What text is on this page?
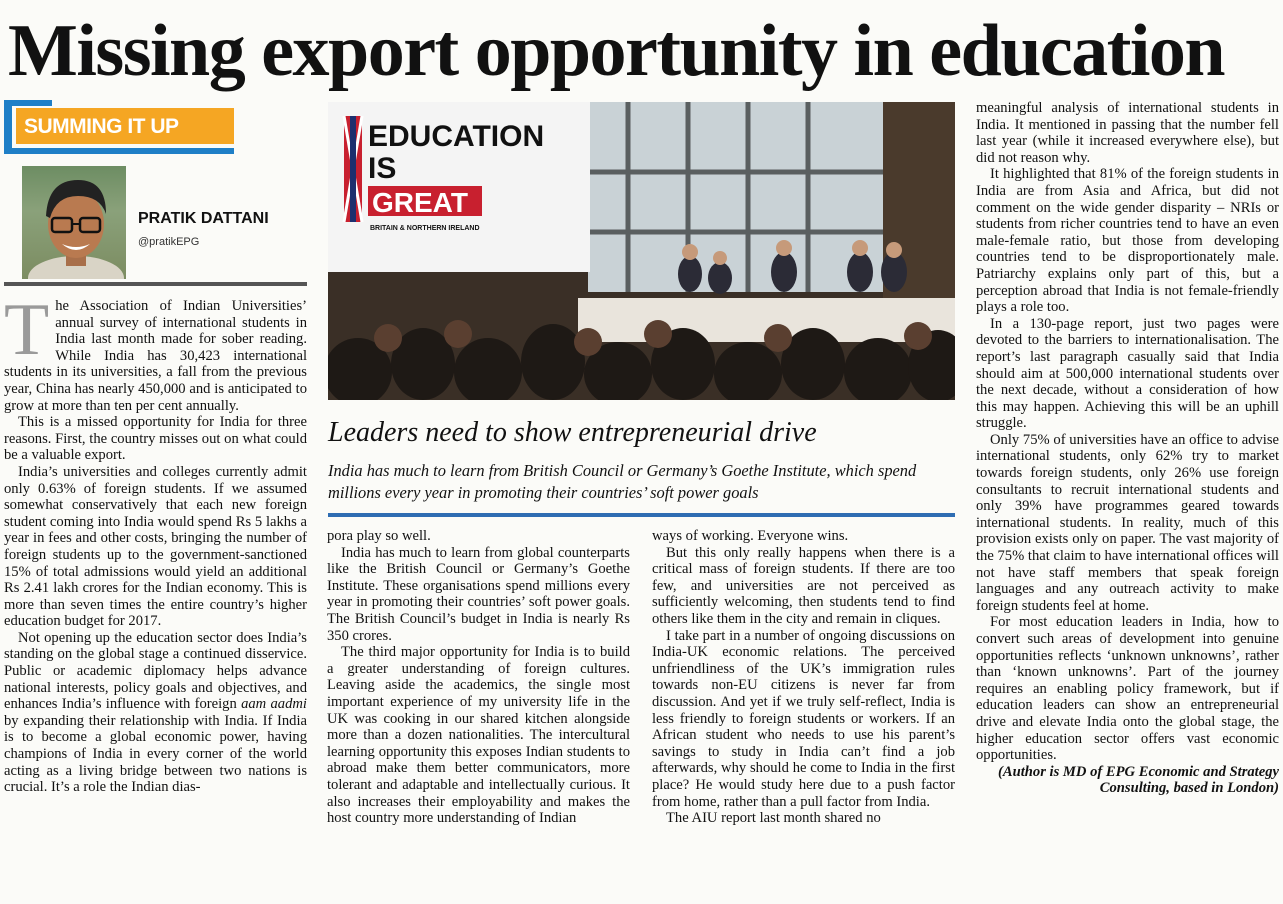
Missing export opportunity in education
SUMMING IT UP
PRATIK DATTANI
@pratikEPG
EDUCATION
IS
GREAT
BRITAIN & NORTHERN IRELAND
Leaders need to show entrepreneurial drive
India has much to learn from British Council or Germany’s Goethe Institute, which spend millions every year in promoting their countries’ soft power goals

The Association of Indian Universities’ annual survey of international students in India last month made for sober reading. While India has 30,423 international students in its universities, a fall from the previous year, China has nearly 450,000 and is anticipated to grow at more than ten per cent annually.

This is a missed opportunity for India for three reasons. First, the country misses out on what could be a valuable export.

India’s universities and colleges currently admit only 0.63% of foreign students. If we assumed somewhat conservatively that each new foreign student coming into India would spend Rs 5 lakhs a year in fees and other costs, bringing the number of foreign students up to the government-sanctioned 15% of total admissions would yield an additional Rs 2.41 lakh crores for the Indian economy. This is more than seven times the entire country’s higher education budget for 2017.

Not opening up the education sector does India’s standing on the global stage a continued disservice. Public or academic diplomacy helps advance national interests, policy goals and objectives, and enhances India’s influence with foreign aam aadmi by expanding their relationship with India. If India is to become a global economic power, having champions of India in every corner of the world acting as a living bridge between two nations is crucial. It’s a role the Indian dias-

pora play so well.

India has much to learn from global counterparts like the British Council or Germany’s Goethe Institute. These organisations spend millions every year in promoting their countries’ soft power goals. The British Council’s budget in India is nearly Rs 350 crores.

The third major opportunity for India is to build a greater understanding of foreign cultures. Leaving aside the academics, the single most important experience of my university life in the UK was cooking in our shared kitchen alongside more than a dozen nationalities. The intercultural learning opportunity this exposes Indian students to abroad make them better communicators, more tolerant and adaptable and intellectually curious. It also increases their employability and makes the host country more understanding of Indian

ways of working. Everyone wins.

But this only really happens when there is a critical mass of foreign students. If there are too few, and universities are not perceived as sufficiently welcoming, then students tend to find others like them in the city and remain in cliques.

I take part in a number of ongoing discussions on India-UK economic relations. The perceived unfriendliness of the UK’s immigration rules towards non-EU citizens is never far from discussion. And yet if we truly self-reflect, India is less friendly to foreign students or workers. If an African student who needs to use his parent’s savings to study in India can’t find a job afterwards, why should he come to India in the first place? He would study here due to a push factor from home, rather than a pull factor from India.

The AIU report last month shared no

meaningful analysis of international students in India. It mentioned in passing that the number fell last year (while it increased everywhere else), but did not reason why.

It highlighted that 81% of the foreign students in India are from Asia and Africa, but did not comment on the wide gender disparity – NRIs or students from richer countries tend to have an even male-female ratio, but those from developing countries tend to be disproportionately male. Patriarchy explains only part of this, but a perception abroad that India is not female-friendly plays a role too.

In a 130-page report, just two pages were devoted to the barriers to internationalisation. The report’s last paragraph casually said that India should aim at 500,000 international students over the next decade, without a consideration of how this may happen. Achieving this will be an uphill struggle.

Only 75% of universities have an office to advise international students, only 62% try to market towards foreign students, only 26% use foreign consultants to recruit international students and only 39% have programmes geared towards international students. In reality, much of this provision exists only on paper. The vast majority of the 75% that claim to have international offices will not have staff members that speak foreign languages and any outreach activity to make foreign students feel at home.

For most education leaders in India, how to convert such areas of development into genuine opportunities reflects ‘unknown unknowns’, rather than ‘known unknowns’. Part of the journey requires an enabling policy framework, but if education leaders can show an entrepreneurial drive and elevate India onto the global stage, the higher education sector offers vast economic opportunities.

(Author is MD of EPG Economic and Strategy Consulting, based in London)
